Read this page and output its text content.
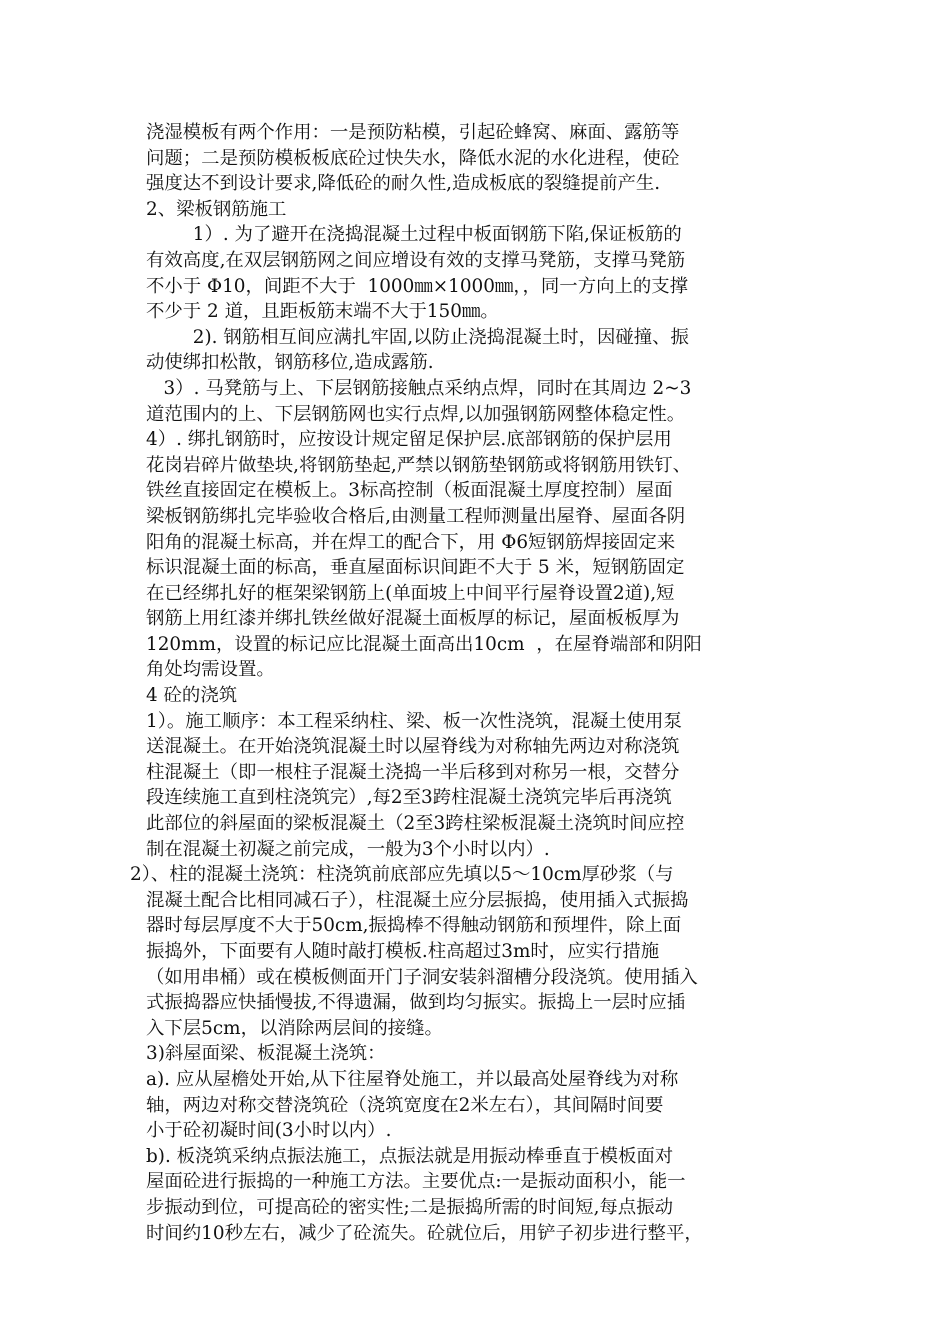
浇湿模板有两个作用：一是预防粘模，引起砼蜂窝、麻面、露筋等
问题；二是预防模板板底砼过快失水，降低水泥的水化进程，使砼
强度达不到设计要求,降低砼的耐久性,造成板底的裂缝提前产生.
2、梁板钢筋施工
1）. 为了避开在浇捣混凝土过程中板面钢筋下陷,保证板筋的
有效高度,在双层钢筋网之间应增设有效的支撑马凳筋，支撑马凳筋
不小于 Φ10，间距不大于  1000㎜×1000㎜，，同一方向上的支撑
不少于 2 道，且距板筋末端不大于150㎜。
2). 钢筋相互间应满扎牢固,以防止浇捣混凝土时，因碰撞、振
动使绑扣松散，钢筋移位,造成露筋.
3）. 马凳筋与上、下层钢筋接触点采纳点焊，同时在其周边 2~3
道范围内的上、下层钢筋网也实行点焊,以加强钢筋网整体稳定性。
4）. 绑扎钢筋时，应按设计规定留足保护层.底部钢筋的保护层用
花岗岩碎片做垫块,将钢筋垫起,严禁以钢筋垫钢筋或将钢筋用铁钉、
铁丝直接固定在模板上。3标高控制（板面混凝土厚度控制）屋面
梁板钢筋绑扎完毕验收合格后,由测量工程师测量出屋脊、屋面各阴
阳角的混凝土标高，并在焊工的配合下，用 Φ6短钢筋焊接固定来
标识混凝土面的标高，垂直屋面标识间距不大于 5 米，短钢筋固定
在已经绑扎好的框架梁钢筋上(单面坡上中间平行屋脊设置2道),短
钢筋上用红漆并绑扎铁丝做好混凝土面板厚的标记，屋面板板厚为
120mm，设置的标记应比混凝土面高出10cm  ，在屋脊端部和阴阳
角处均需设置。
4 砼的浇筑
1）。施工顺序：本工程采纳柱、梁、板一次性浇筑，混凝土使用泵
送混凝土。在开始浇筑混凝土时以屋脊线为对称轴先两边对称浇筑
柱混凝土（即一根柱子混凝土浇捣一半后移到对称另一根，交替分
段连续施工直到柱浇筑完）,每2至3跨柱混凝土浇筑完毕后再浇筑
此部位的斜屋面的梁板混凝土（2至3跨柱梁板混凝土浇筑时间应控
制在混凝土初凝之前完成，一般为3个小时以内）.
2）、柱的混凝土浇筑：柱浇筑前底部应先填以5～10cm厚砂浆（与
混凝土配合比相同减石子），柱混凝土应分层振捣，使用插入式振捣
器时每层厚度不大于50cm,振捣棒不得触动钢筋和预埋件，除上面
振捣外，下面要有人随时敲打模板.柱高超过3m时，应实行措施
（如用串桶）或在模板侧面开门子洞安装斜溜槽分段浇筑。使用插入
式振捣器应快插慢拔,不得遗漏，做到均匀振实。振捣上一层时应插
入下层5cm，以消除两层间的接缝。
3)斜屋面梁、板混凝土浇筑：
a). 应从屋檐处开始,从下往屋脊处施工，并以最高处屋脊线为对称
轴，两边对称交替浇筑砼（浇筑宽度在2米左右），其间隔时间要
小于砼初凝时间(3小时以内）.
b). 板浇筑采纳点振法施工，点振法就是用振动棒垂直于模板面对
屋面砼进行振捣的一种施工方法。主要优点:一是振动面积小，能一
步振动到位，可提高砼的密实性;二是振捣所需的时间短,每点振动
时间约10秒左右，减少了砼流失。砼就位后，用铲子初步进行整平，
